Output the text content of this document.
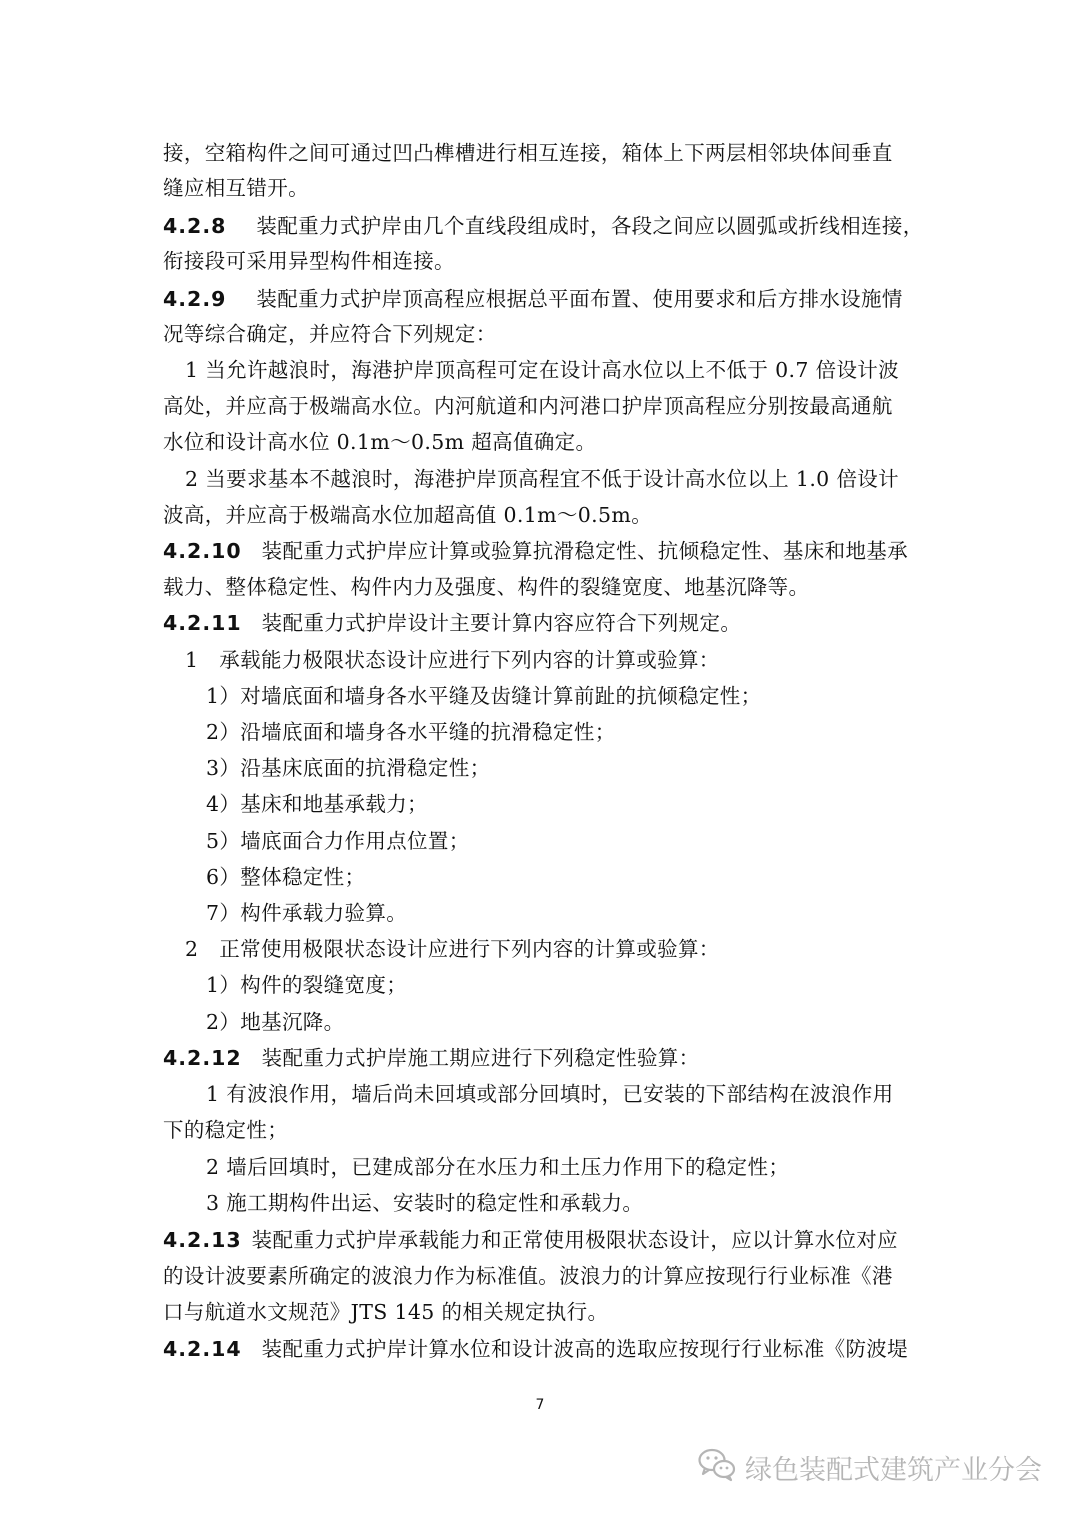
接，空箱构件之间可通过凹凸榫槽进行相互连接，箱体上下两层相邻块体间垂直
缝应相互错开。
4.2.8 装配重力式护岸由几个直线段组成时，各段之间应以圆弧或折线相连接，
衔接段可采用异型构件相连接。
4.2.9 装配重力式护岸顶高程应根据总平面布置、使用要求和后方排水设施情
况等综合确定，并应符合下列规定：
1 当允许越浪时，海港护岸顶高程可定在设计高水位以上不低于 0.7 倍设计波
高处，并应高于极端高水位。内河航道和内河港口护岸顶高程应分别按最高通航
水位和设计高水位 0.1m～0.5m 超高值确定。
2 当要求基本不越浪时，海港护岸顶高程宜不低于设计高水位以上 1.0 倍设计
波高，并应高于极端高水位加超高值 0.1m～0.5m。
4.2.10 装配重力式护岸应计算或验算抗滑稳定性、抗倾稳定性、基床和地基承
载力、整体稳定性、构件内力及强度、构件的裂缝宽度、地基沉降等。
4.2.11 装配重力式护岸设计主要计算内容应符合下列规定。
1　承载能力极限状态设计应进行下列内容的计算或验算：
1）对墙底面和墙身各水平缝及齿缝计算前趾的抗倾稳定性；
2）沿墙底面和墙身各水平缝的抗滑稳定性；
3）沿基床底面的抗滑稳定性；
4）基床和地基承载力；
5）墙底面合力作用点位置；
6）整体稳定性；
7）构件承载力验算。
2　正常使用极限状态设计应进行下列内容的计算或验算：
1）构件的裂缝宽度；
2）地基沉降。
4.2.12 装配重力式护岸施工期应进行下列稳定性验算：
1 有波浪作用，墙后尚未回填或部分回填时，已安装的下部结构在波浪作用
下的稳定性；
2 墙后回填时，已建成部分在水压力和土压力作用下的稳定性；
3 施工期构件出运、安装时的稳定性和承载力。
4.2.13 装配重力式护岸承载能力和正常使用极限状态设计，应以计算水位对应
的设计波要素所确定的波浪力作为标准值。波浪力的计算应按现行行业标准《港
口与航道水文规范》JTS 145 的相关规定执行。
4.2.14 装配重力式护岸计算水位和设计波高的选取应按现行行业标准《防波堤
7
绿色装配式建筑产业分会
